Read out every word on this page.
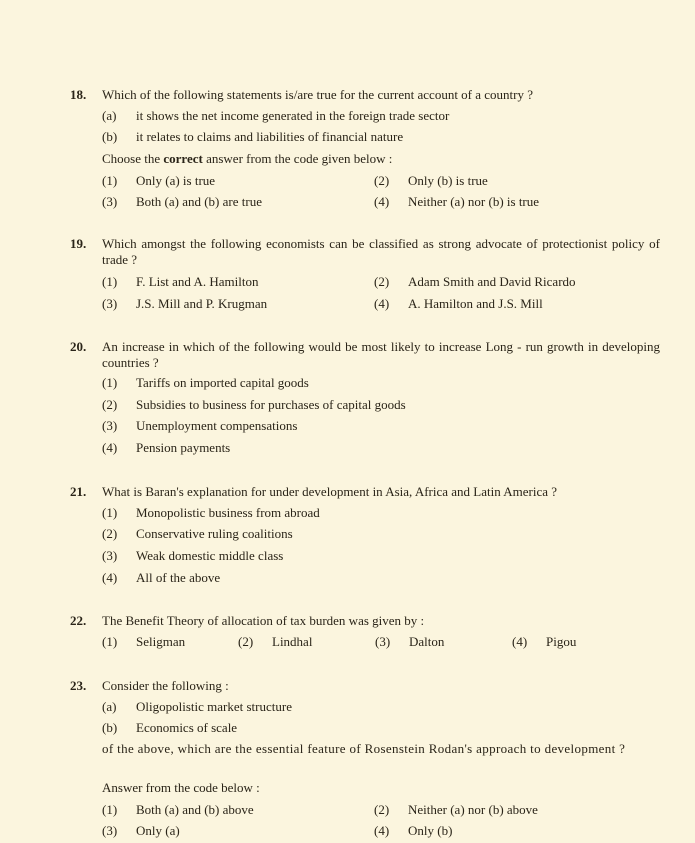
18. Which of the following statements is/are true for the current account of a country ?
(a) it shows the net income generated in the foreign trade sector
(b) it relates to claims and liabilities of financial nature
Choose the correct answer from the code given below :
(1) Only (a) is true	(2) Only (b) is true
(3) Both (a) and (b) are true	(4) Neither (a) nor (b) is true
19. Which amongst the following economists can be classified as strong advocate of protectionist policy of trade ?
(1) F. List and A. Hamilton	(2) Adam Smith and David Ricardo
(3) J.S. Mill and P. Krugman	(4) A. Hamilton and J.S. Mill
20. An increase in which of the following would be most likely to increase Long - run growth in developing countries ?
(1) Tariffs on imported capital goods
(2) Subsidies to business for purchases of capital goods
(3) Unemployment compensations
(4) Pension payments
21. What is Baran's explanation for under development in Asia, Africa and Latin America ?
(1) Monopolistic business from abroad
(2) Conservative ruling coalitions
(3) Weak domestic middle class
(4) All of the above
22. The Benefit Theory of allocation of tax burden was given by :
(1) Seligman	(2) Lindhal	(3) Dalton	(4) Pigou
23. Consider the following :
(a) Oligopolistic market structure
(b) Economics of scale
of the above, which are the essential feature of Rosenstein Rodan's approach to development ?
Answer from the code below :
(1) Both (a) and (b) above	(2) Neither (a) nor (b) above
(3) Only (a)	(4) Only (b)
